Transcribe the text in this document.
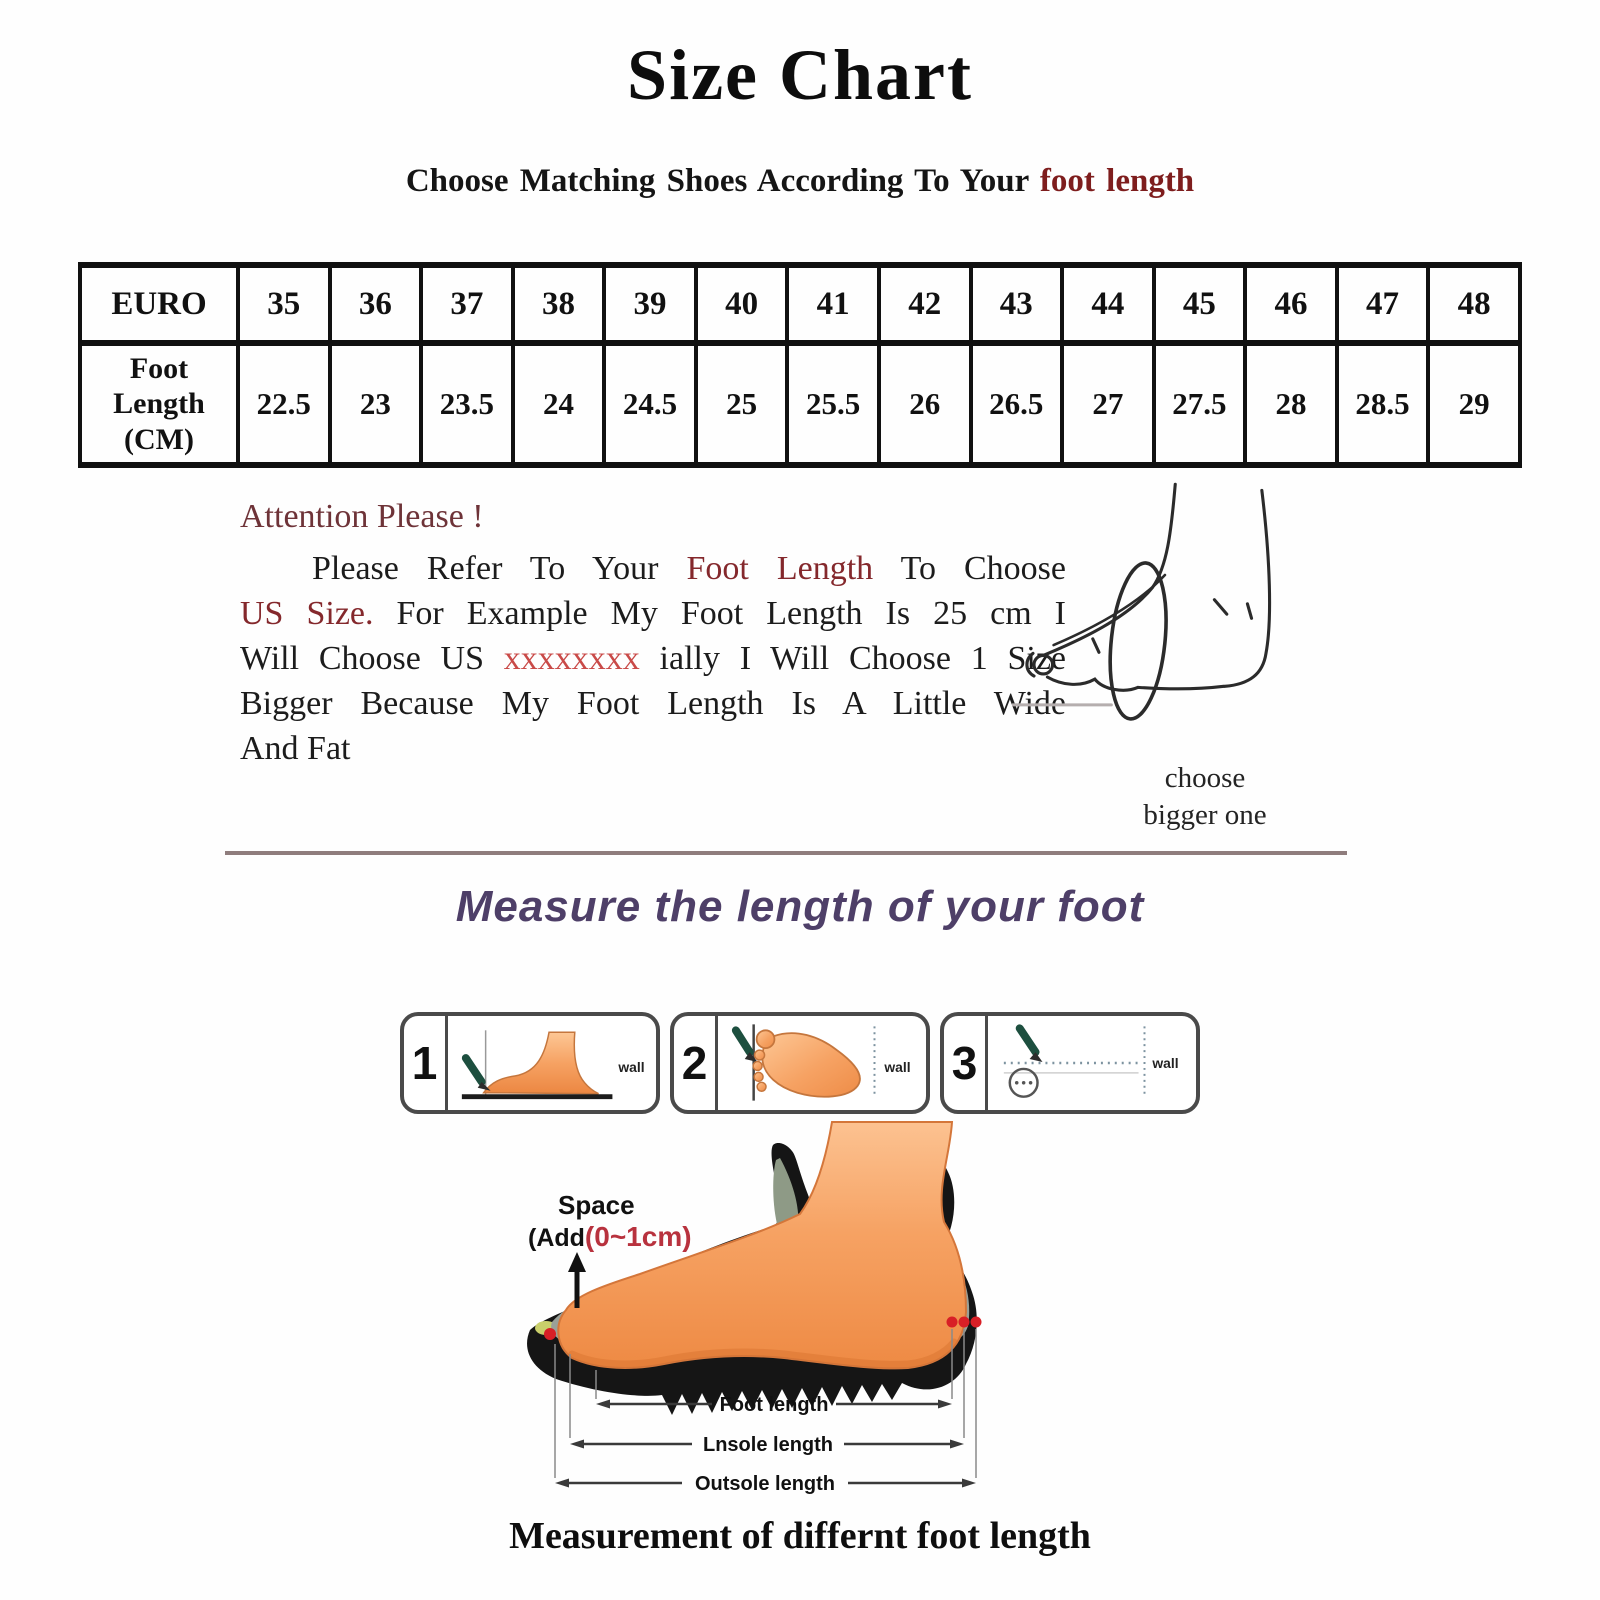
Size Chart
Choose Matching Shoes According To Your foot length
EURO	35	36	37	38	39	40	41	42	43	44	45	46	47	48

Foot
Length
(CM)	22.5	23	23.5	24	24.5	25	25.5	26	26.5	27	27.5	28	28.5	29
Attention Please !
Please Refer To Your Foot Length To Choose
US Size. For Example My Foot Length Is 25 cm I
Will Choose US xxxxxxxx ially I Will Choose 1 Size
Bigger Because My Foot Length Is A Little Wide
And Fat
choose
bigger one
Measure the length of your foot
1	wall 2	wall 3	wall
Foot length
Lnsole length
Outsole length
Space
(Add(0~1cm)
Measurement of differnt foot length
